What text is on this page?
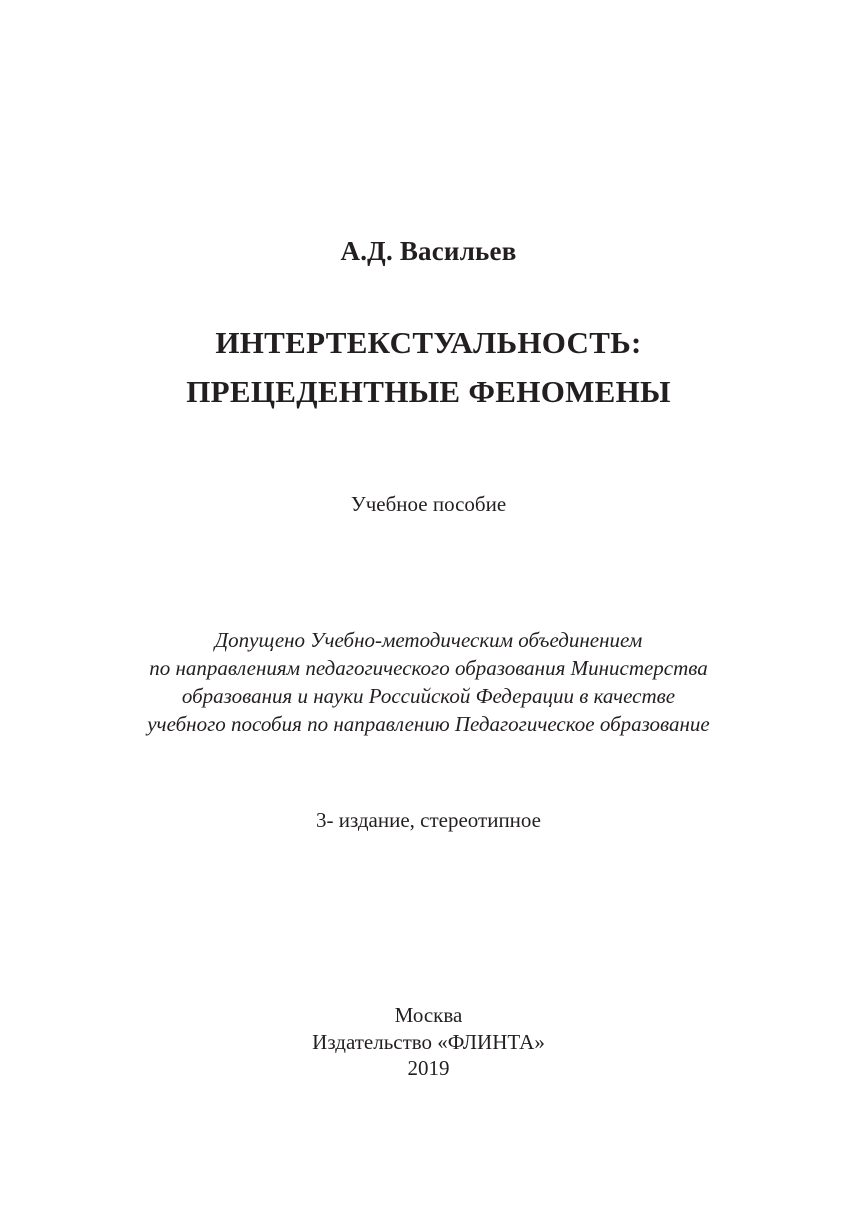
А.Д. Васильев
ИНТЕРТЕКСТУАЛЬНОСТЬ:
ПРЕЦЕДЕНТНЫЕ ФЕНОМЕНЫ
Учебное пособие
Допущено Учебно-методическим объединением
по направлениям педагогического образования Министерства
образования и науки Российской Федерации в качестве
учебного пособия по направлению Педагогическое образование
3- издание, стереотипное
Москва
Издательство «ФЛИНТА»
2019
